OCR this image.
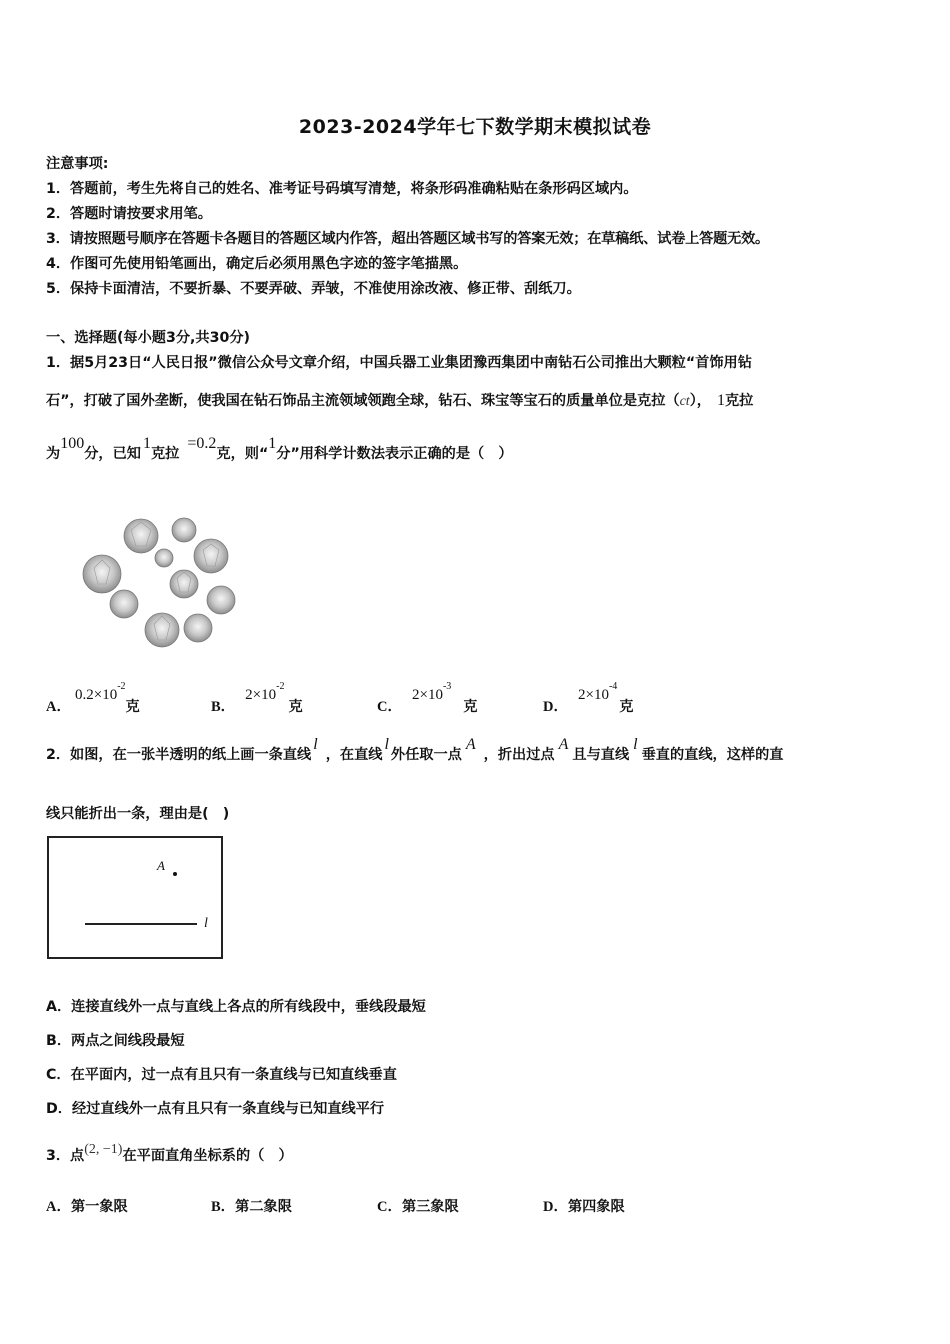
2023-2024学年七下数学期末模拟试卷
注意事项:
1．答题前，考生先将自己的姓名、准考证号码填写清楚，将条形码准确粘贴在条形码区域内。
2．答题时请按要求用笔。
3．请按照题号顺序在答题卡各题目的答题区域内作答，超出答题区域书写的答案无效；在草稿纸、试卷上答题无效。
4．作图可先使用铅笔画出，确定后必须用黑色字迹的签字笔描黑。
5．保持卡面清洁，不要折暴、不要弄破、弄皱，不准使用涂改液、修正带、刮纸刀。
一、选择题(每小题3分,共30分)
1．据5月23日“人民日报”微信公众号文章介绍，中国兵器工业集团豫西集团中南钻石公司推出大颗粒“首饰用钻
石”，打破了国外垄断，使我国在钻石饰品主流领域领跑全球，钻石、珠宝等宝石的质量单位是克拉（ct）， 1克拉
为100分，已知1克拉=0.2克，则“1分”用科学计数法表示正确的是（　）
A．$0.2\times 10^{-2}$克	B．$2\times 10^{-2}$克	C．$2\times 10^{-3}$克	D．$2\times 10^{-4}$克
2．如图，在一张半透明的纸上画一条直线l，在直线l外任取一点A，折出过点A且与直线l垂直的直线，这样的直
线只能折出一条，理由是(　)
A
l
A．连接直线外一点与直线上各点的所有线段中，垂线段最短
B．两点之间线段最短
C．在平面内，过一点有且只有一条直线与已知直线垂直
D．经过直线外一点有且只有一条直线与已知直线平行
3．点(2, −1)在平面直角坐标系的（　）
A．第一象限	B．第二象限	C．第三象限	D．第四象限
